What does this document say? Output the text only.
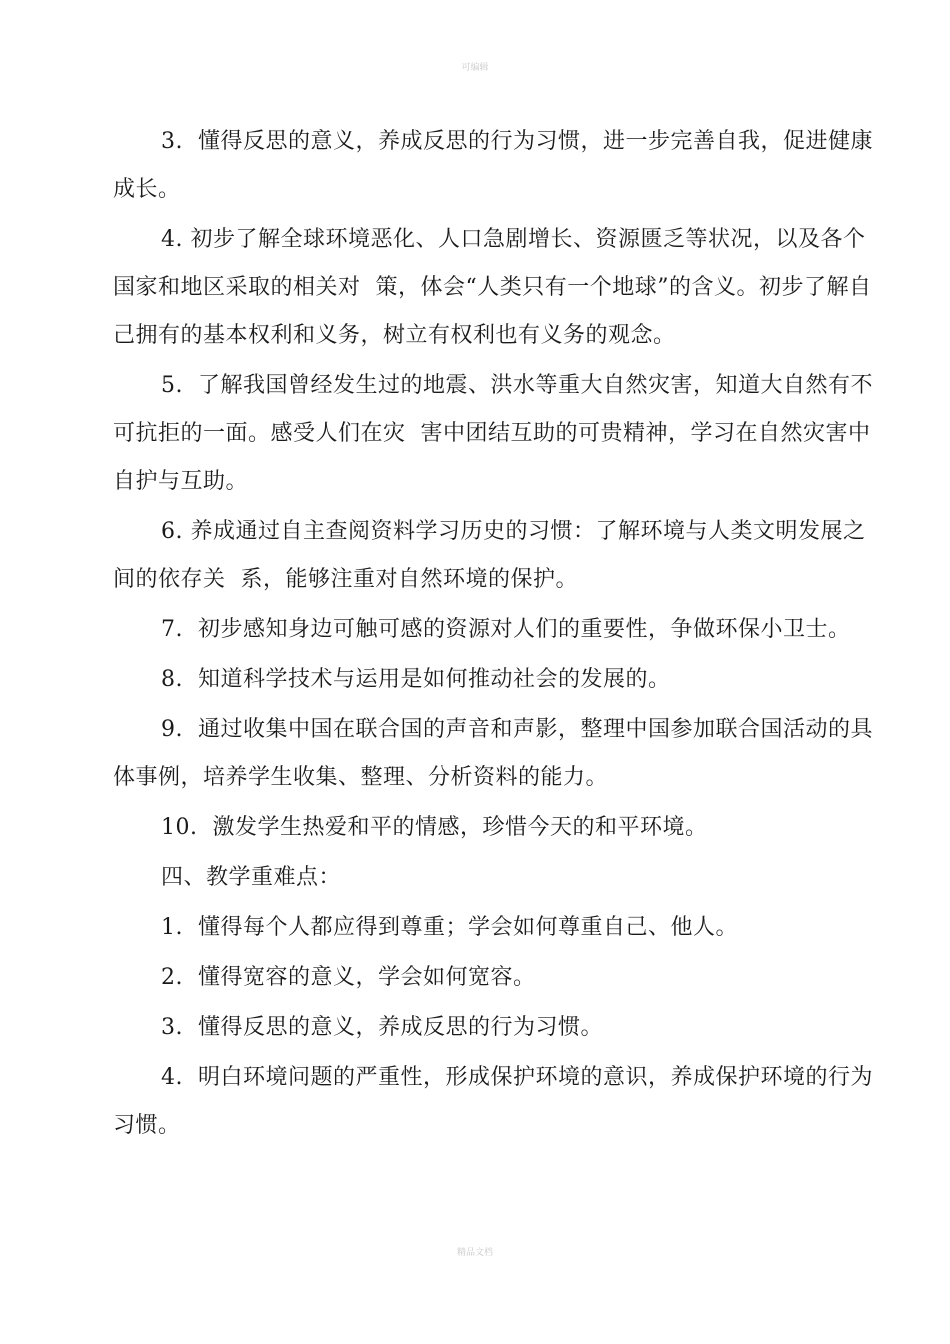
可编辑

3.  懂得反思的意义，养成反思的行为习惯，进一步完善自我，促进健康成长。

4. 初步了解全球环境恶化、人口急剧增长、资源匮乏等状况，以及各个国家和地区采取的相关对  策，体会“人类只有一个地球”的含义。初步了解自己拥有的基本权利和义务，树立有权利也有义务的观念。

5.  了解我国曾经发生过的地震、洪水等重大自然灾害，知道大自然有不可抗拒的一面。感受人们在灾  害中团结互助的可贵精神，学习在自然灾害中自护与互助。

6. 养成通过自主查阅资料学习历史的习惯：了解环境与人类文明发展之间的依存关  系，能够注重对自然环境的保护。

7.  初步感知身边可触可感的资源对人们的重要性，争做环保小卫士。

8.  知道科学技术与运用是如何推动社会的发展的。

9.  通过收集中国在联合国的声音和声影，整理中国参加联合国活动的具  体事例，培养学生收集、整理、分析资料的能力。

10.  激发学生热爱和平的情感，珍惜今天的和平环境。

四、教学重难点：

1.  懂得每个人都应得到尊重；学会如何尊重自己、他人。

2.  懂得宽容的意义，学会如何宽容。

3.  懂得反思的意义，养成反思的行为习惯。

4.  明白环境问题的严重性，形成保护环境的意识，养成保护环境的行为习惯。

精品文档
